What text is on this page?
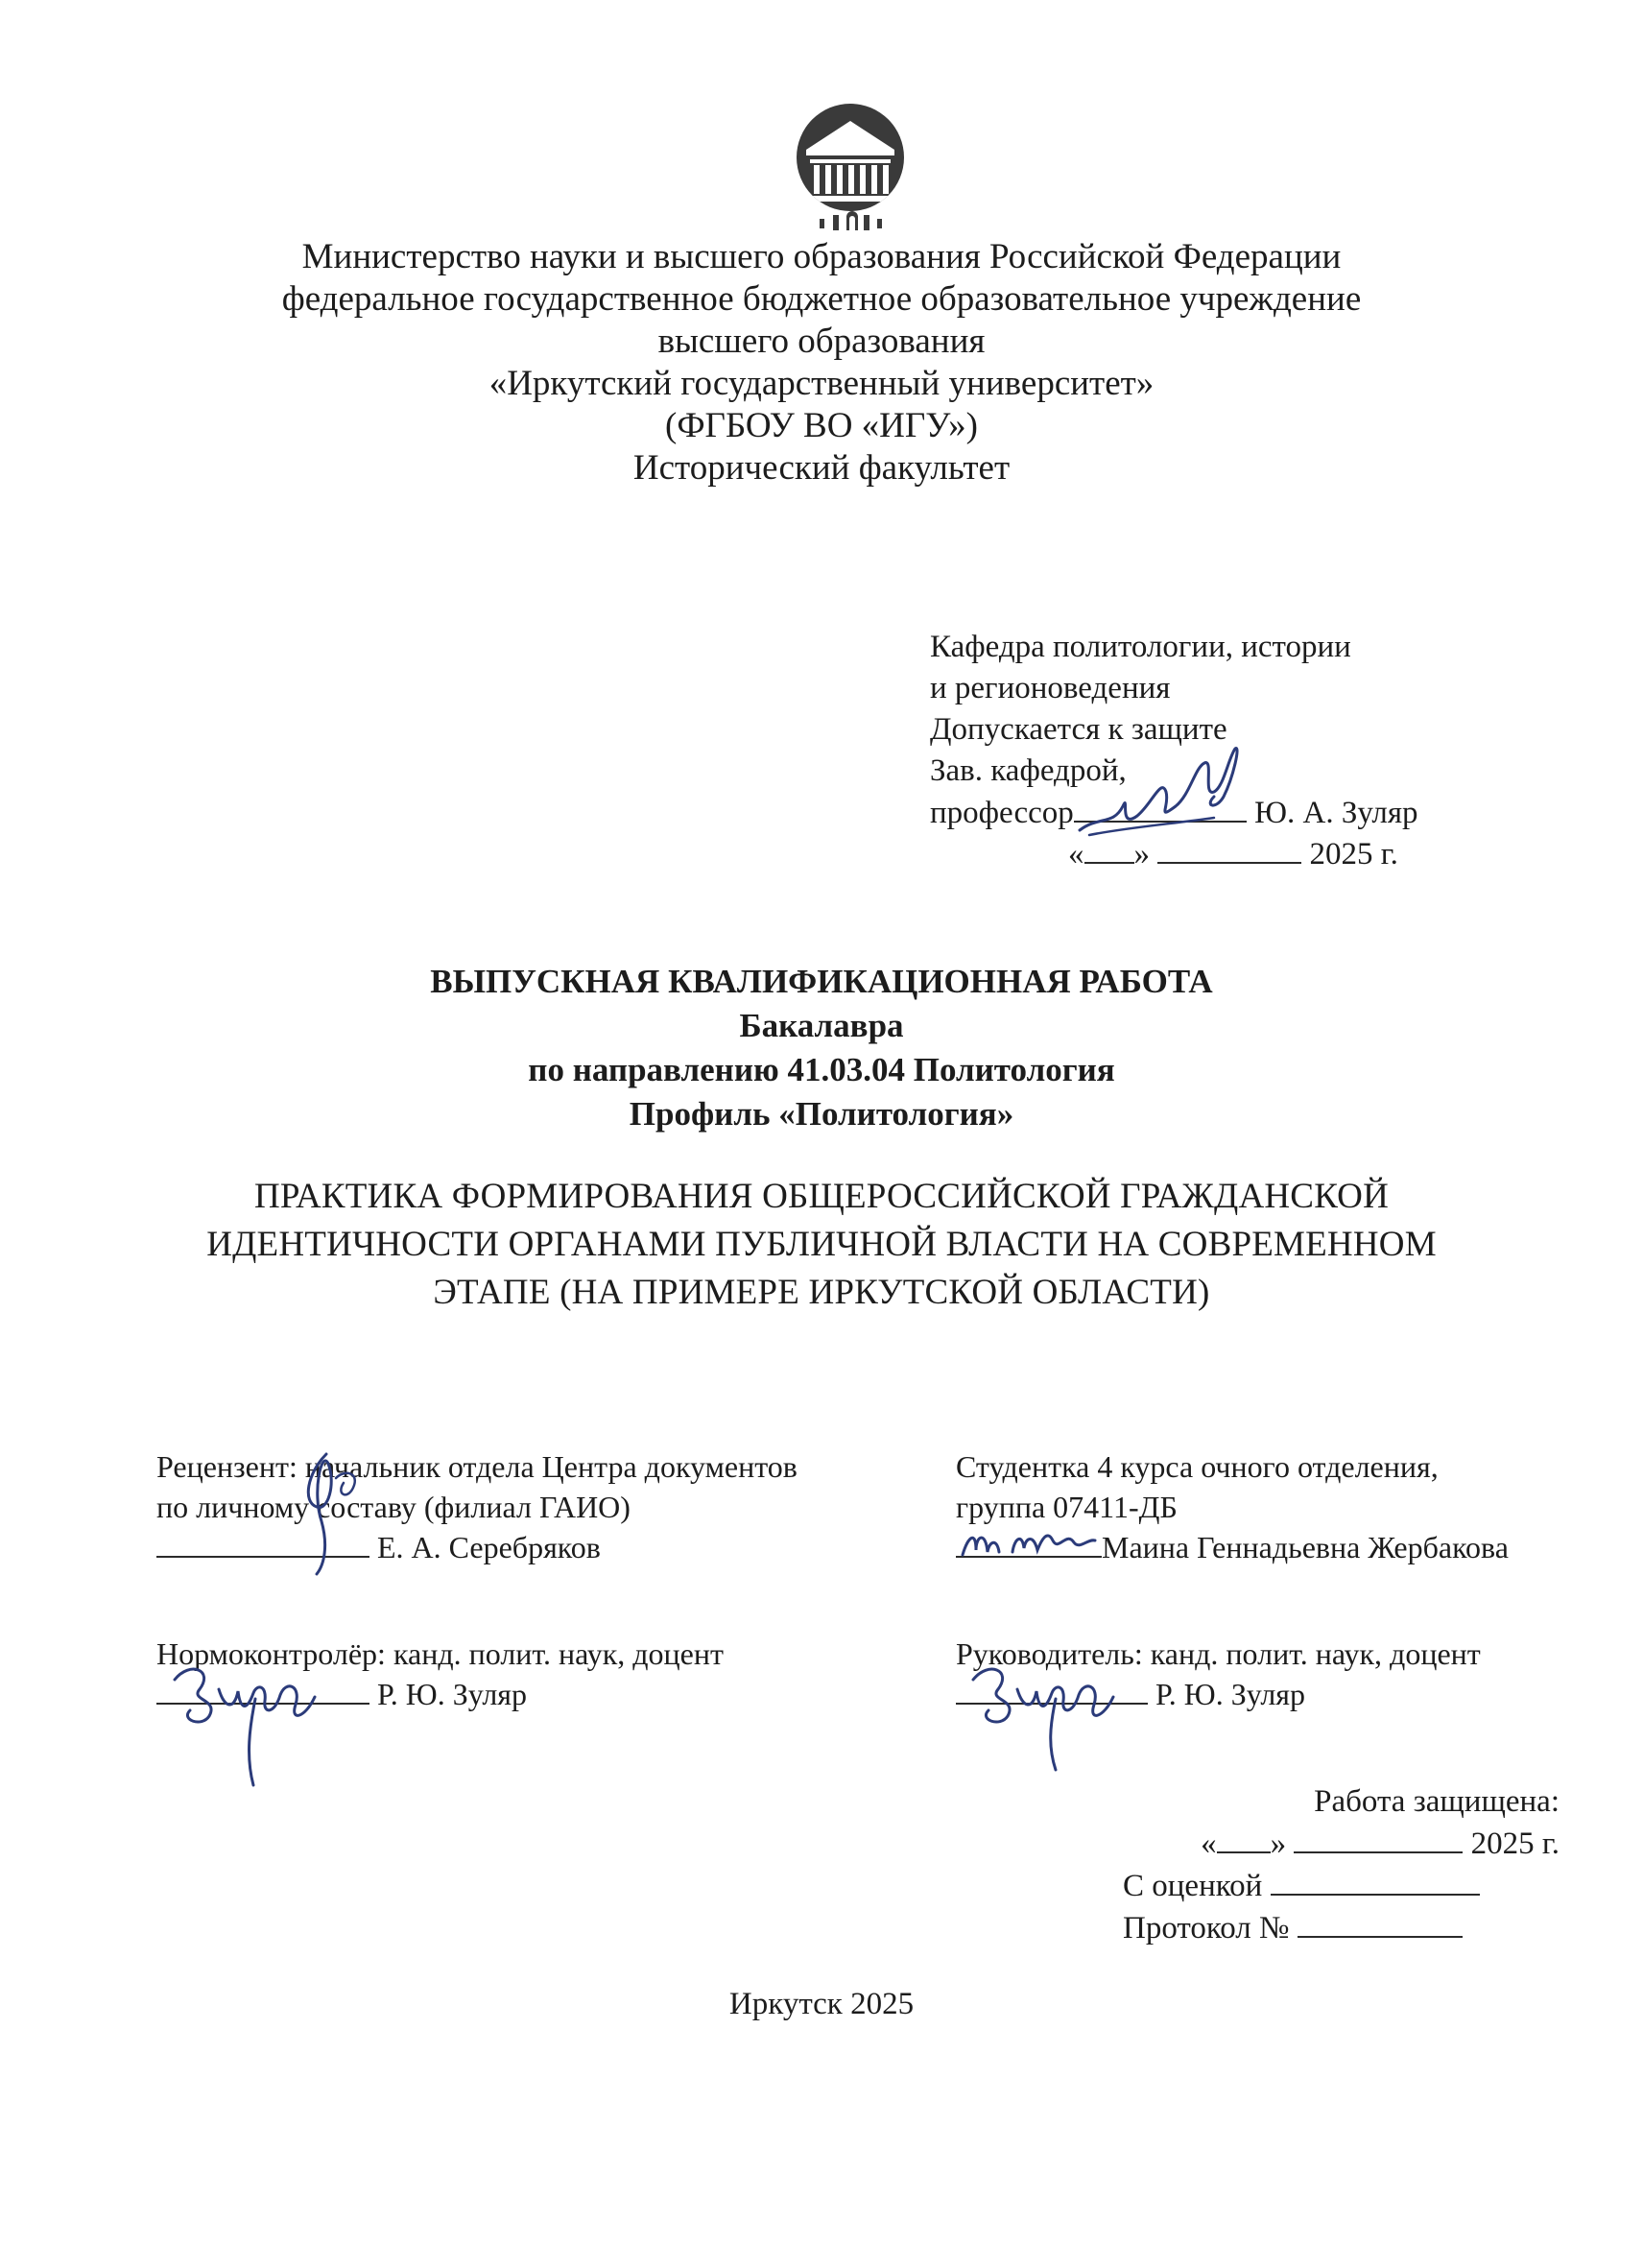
Министерство науки и высшего образования Российской Федерации
федеральное государственное бюджетное образовательное учреждение
высшего образования
«Иркутский государственный университет»
(ФГБОУ ВО «ИГУ»)
Исторический факультет
Кафедра политологии, истории
и регионоведения
Допускается к защите
Зав. кафедрой,
профессор	Ю. А. Зуляр
« »	2025 г.
ВЫПУСКНАЯ КВАЛИФИКАЦИОННАЯ РАБОТА
Бакалавра
по направлению 41.03.04 Политология
Профиль «Политология»
ПРАКТИКА ФОРМИРОВАНИЯ ОБЩЕРОССИЙСКОЙ ГРАЖДАНСКОЙ
ИДЕНТИЧНОСТИ ОРГАНАМИ ПУБЛИЧНОЙ ВЛАСТИ НА СОВРЕМЕННОМ
ЭТАПЕ (НА ПРИМЕРЕ ИРКУТСКОЙ ОБЛАСТИ)
Рецензент: начальник отдела Центра документов
по личному составу (филиал ГАИО)
Е. А. Серебряков
Студентка 4 курса очного отделения,
группа 07411-ДБ
Маина Геннадьевна Жербакова
Нормоконтролёр: канд. полит. наук, доцент
Р. Ю. Зуляр
Руководитель: канд. полит. наук, доцент
Р. Ю. Зуляр
Работа защищена:
« »	2025 г.
С оценкой
Протокол №
Иркутск 2025
